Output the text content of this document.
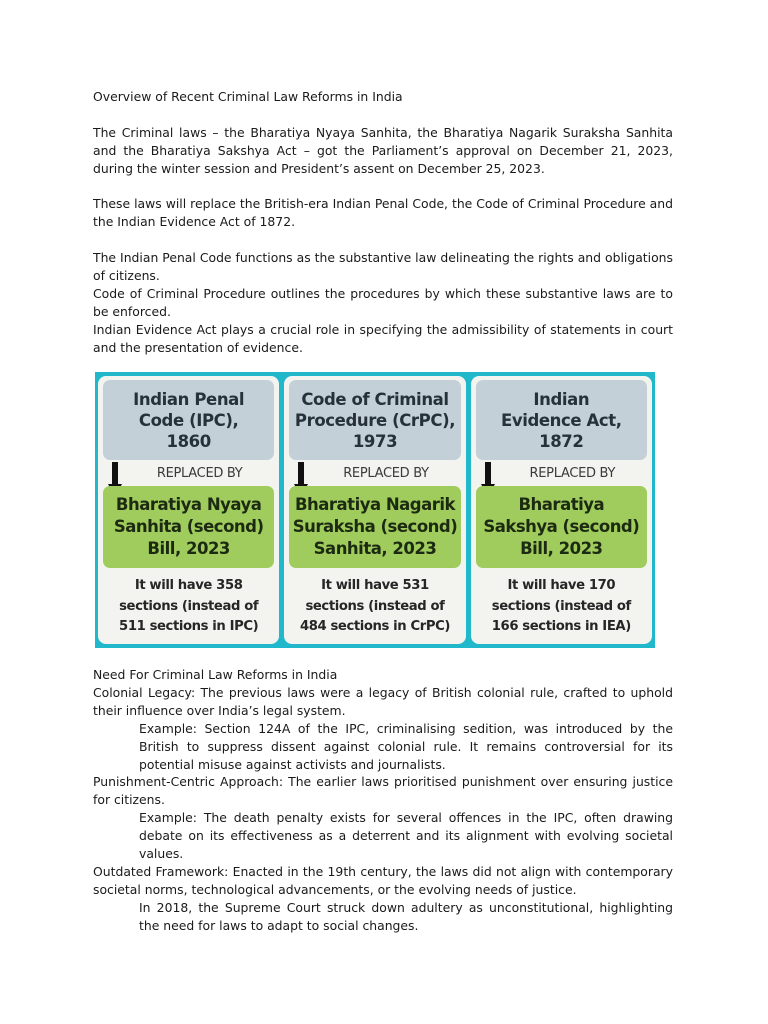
Overview of Recent Criminal Law Reforms in India

The Criminal laws – the Bharatiya Nyaya Sanhita, the Bharatiya Nagarik Suraksha Sanhita and the Bharatiya Sakshya Act – got the Parliament’s approval on December 21, 2023, during the winter session and President’s assent on December 25, 2023.

These laws will replace the British-era Indian Penal Code, the Code of Criminal Procedure and the Indian Evidence Act of 1872.

The Indian Penal Code functions as the substantive law delineating the rights and obligations of citizens.

Code of Criminal Procedure outlines the procedures by which these substantive laws are to be enforced.

Indian Evidence Act plays a crucial role in specifying the admissibility of statements in court and the presentation of evidence.

Indian Penal
Code (IPC),
1860
REPLACED BY
Bharatiya Nyaya
Sanhita (second)
Bill, 2023
It will have 358
sections (instead of
511 sections in IPC)
Code of Criminal
Procedure (CrPC),
1973
REPLACED BY
Bharatiya Nagarik
Suraksha (second)
Sanhita, 2023
It will have 531
sections (instead of
484 sections in CrPC)
Indian
Evidence Act,
1872
REPLACED BY
Bharatiya
Sakshya (second)
Bill, 2023
It will have 170
sections (instead of
166 sections in IEA)

Need For Criminal Law Reforms in India

Colonial Legacy: The previous laws were a legacy of British colonial rule, crafted to uphold their influence over India’s legal system.

Example: Section 124A of the IPC, criminalising sedition, was introduced by the British to suppress dissent against colonial rule. It remains controversial for its potential misuse against activists and journalists.

Punishment-Centric Approach: The earlier laws prioritised punishment over ensuring justice for citizens.

Example: The death penalty exists for several offences in the IPC, often drawing debate on its effectiveness as a deterrent and its alignment with evolving societal values.

Outdated Framework: Enacted in the 19th century, the laws did not align with contemporary societal norms, technological advancements, or the evolving needs of justice.

In 2018, the Supreme Court struck down adultery as unconstitutional, highlighting the need for laws to adapt to social changes.
